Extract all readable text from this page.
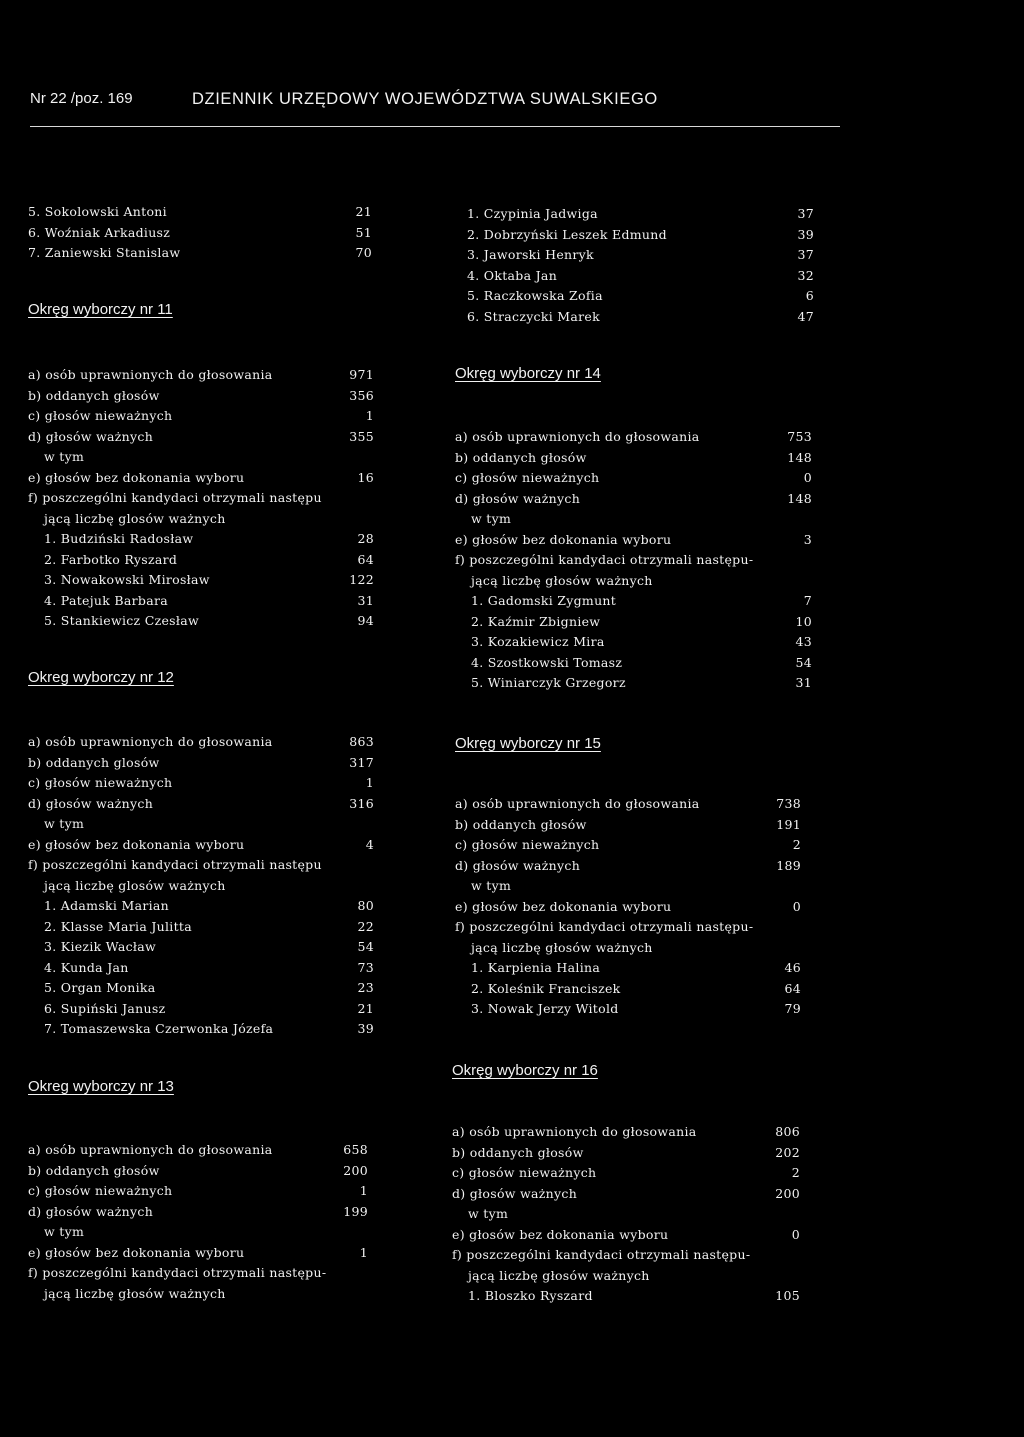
Nr 22 /poz. 169	DZIENNIK URZĘDOWY WOJEWÓDZTWA SUWALSKIEGO
5. Sokolowski Antoni	21
6. Woźniak Arkadiusz	51
7. Zaniewski Stanislaw	70
Okręg wyborczy nr 11
a) osób uprawnionych do głosowania	971
b) oddanych głosów	356
c) głosów nieważnych	1
d) głosów ważnych	355
w tym
e) głosów bez dokonania wyboru	16
f) poszczególni kandydaci otrzymali następu
jącą liczbę glosów ważnych
1. Budziński Radosław	28
2. Farbotko Ryszard	64
3. Nowakowski Mirosław	122
4. Patejuk Barbara	31
5. Stankiewicz Czesław	94
Okreg wyborczy nr 12
a) osób uprawnionych do głosowania	863
b) oddanych glosów	317
c) głosów nieważnych	1
d) głosów ważnych	316
w tym
e) głosów bez dokonania wyboru	4
f) poszczególni kandydaci otrzymali następu
jącą liczbę glosów ważnych
1. Adamski Marian	80
2. Klasse Maria Julitta	22
3. Kiezik Wacław	54
4. Kunda Jan	73
5. Organ Monika	23
6. Supiński Janusz	21
7. Tomaszewska Czerwonka Józefa	39
Okreg wyborczy nr 13
a) osób uprawnionych do głosowania	658
b) oddanych głosów	200
c) głosów nieważnych	1
d) głosów ważnych	199
w tym
e) głosów bez dokonania wyboru	1
f) poszczególni kandydaci otrzymali następu-
jącą liczbę głosów ważnych
1. Czypinia Jadwiga	37
2. Dobrzyński Leszek Edmund	39
3. Jaworski Henryk	37
4. Oktaba Jan	32
5. Raczkowska Zofia	6
6. Straczycki Marek	47
Okręg wyborczy nr 14
a) osób uprawnionych do głosowania	753
b) oddanych głosów	148
c) głosów nieważnych	0
d) głosów ważnych	148
w tym
e) głosów bez dokonania wyboru	3
f) poszczególni kandydaci otrzymali następu-
jącą liczbę głosów ważnych
1. Gadomski Zygmunt	7
2. Kaźmir Zbigniew	10
3. Kozakiewicz Mira	43
4. Szostkowski Tomasz	54
5. Winiarczyk Grzegorz	31
Okręg wyborczy nr 15
a) osób uprawnionych do głosowania	738
b) oddanych głosów	191
c) głosów nieważnych	2
d) głosów ważnych	189
w tym
e) głosów bez dokonania wyboru	0
f) poszczególni kandydaci otrzymali następu-
jącą liczbę głosów ważnych
1. Karpienia Halina	46
2. Koleśnik Franciszek	64
3. Nowak Jerzy Witold	79
Okręg wyborczy nr 16
a) osób uprawnionych do głosowania	806
b) oddanych głosów	202
c) głosów nieważnych	2
d) głosów ważnych	200
w tym
e) głosów bez dokonania wyboru	0
f) poszczególni kandydaci otrzymali następu-
jącą liczbę głosów ważnych
1. Bloszko Ryszard	105
